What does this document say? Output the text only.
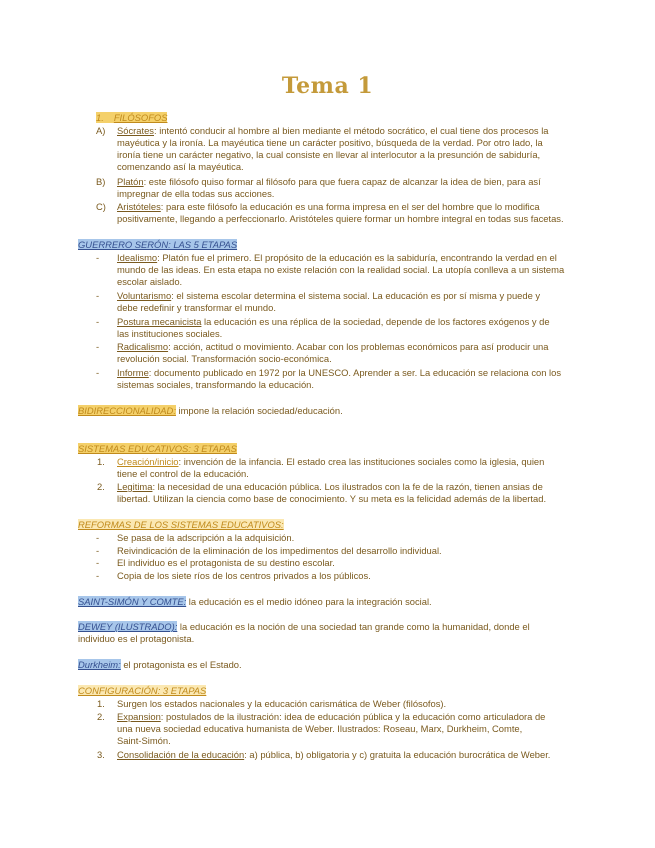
Tema 1
1. FILÓSOFOS
A) Sócrates: intentó conducir al hombre al bien mediante el método socrático, el cual tiene dos procesos la
mayéutica y la ironía. La mayéutica tiene un carácter positivo, búsqueda de la verdad. Por otro lado, la
ironía tiene un carácter negativo, la cual consiste en llevar al interlocutor a la presunción de sabiduría,
comenzando así la mayéutica.
B) Platón: este filósofo quiso formar al filósofo para que fuera capaz de alcanzar la idea de bien, para así
impregnar de ella todas sus acciones.
C) Aristóteles: para este filósofo la educación es una forma impresa en el ser del hombre que lo modifica
positivamente, llegando a perfeccionarlo. Aristóteles quiere formar un hombre integral en todas sus facetas.
GUERRERO SERÓN: LAS 5 ETAPAS
- Idealismo: Platón fue el primero. El propósito de la educación es la sabiduría, encontrando la verdad en el
mundo de las ideas. En esta etapa no existe relación con la realidad social. La utopía conlleva a un sistema
escolar aislado.
- Voluntarismo: el sistema escolar determina el sistema social. La educación es por sí misma y puede y
debe redefinir y transformar el mundo.
- Postura mecanicista la educación es una réplica de la sociedad, depende de los factores exógenos y de
las instituciones sociales.
- Radicalismo: acción, actitud o movimiento. Acabar con los problemas económicos para así producir una
revolución social. Transformación socio-económica.
- Informe: documento publicado en 1972 por la UNESCO. Aprender a ser. La educación se relaciona con los
sistemas sociales, transformando la educación.
BIDIRECCIONALIDAD: impone la relación sociedad/educación.
SISTEMAS EDUCATIVOS: 3 ETAPAS
1. Creación/inicio: invención de la infancia. El estado crea las instituciones sociales como la iglesia, quien
tiene el control de la educación.
2. Legitima: la necesidad de una educación pública. Los ilustrados con la fe de la razón, tienen ansias de
libertad. Utilizan la ciencia como base de conocimiento. Y su meta es la felicidad además de la libertad.
REFORMAS DE LOS SISTEMAS EDUCATIVOS:
- Se pasa de la adscripción a la adquisición.
- Reivindicación de la eliminación de los impedimentos del desarrollo individual.
- El individuo es el protagonista de su destino escolar.
- Copia de los siete ríos de los centros privados a los públicos.
SAINT-SIMÓN Y COMTE: la educación es el medio idóneo para la integración social.
DEWEY (ILUSTRADO): la educación es la noción de una sociedad tan grande como la humanidad, donde el
individuo es el protagonista.
Durkheim: el protagonista es el Estado.
CONFIGURACIÓN: 3 ETAPAS
1. Surgen los estados nacionales y la educación carismática de Weber (filósofos).
2. Expansion: postulados de la ilustración: idea de educación pública y la educación como articuladora de
una nueva sociedad educativa humanista de Weber. Ilustrados: Roseau, Marx, Durkheim, Comte,
Saint-Simón.
3. Consolidación de la educación: a) pública, b) obligatoria y c) gratuita la educación burocrática de Weber.
